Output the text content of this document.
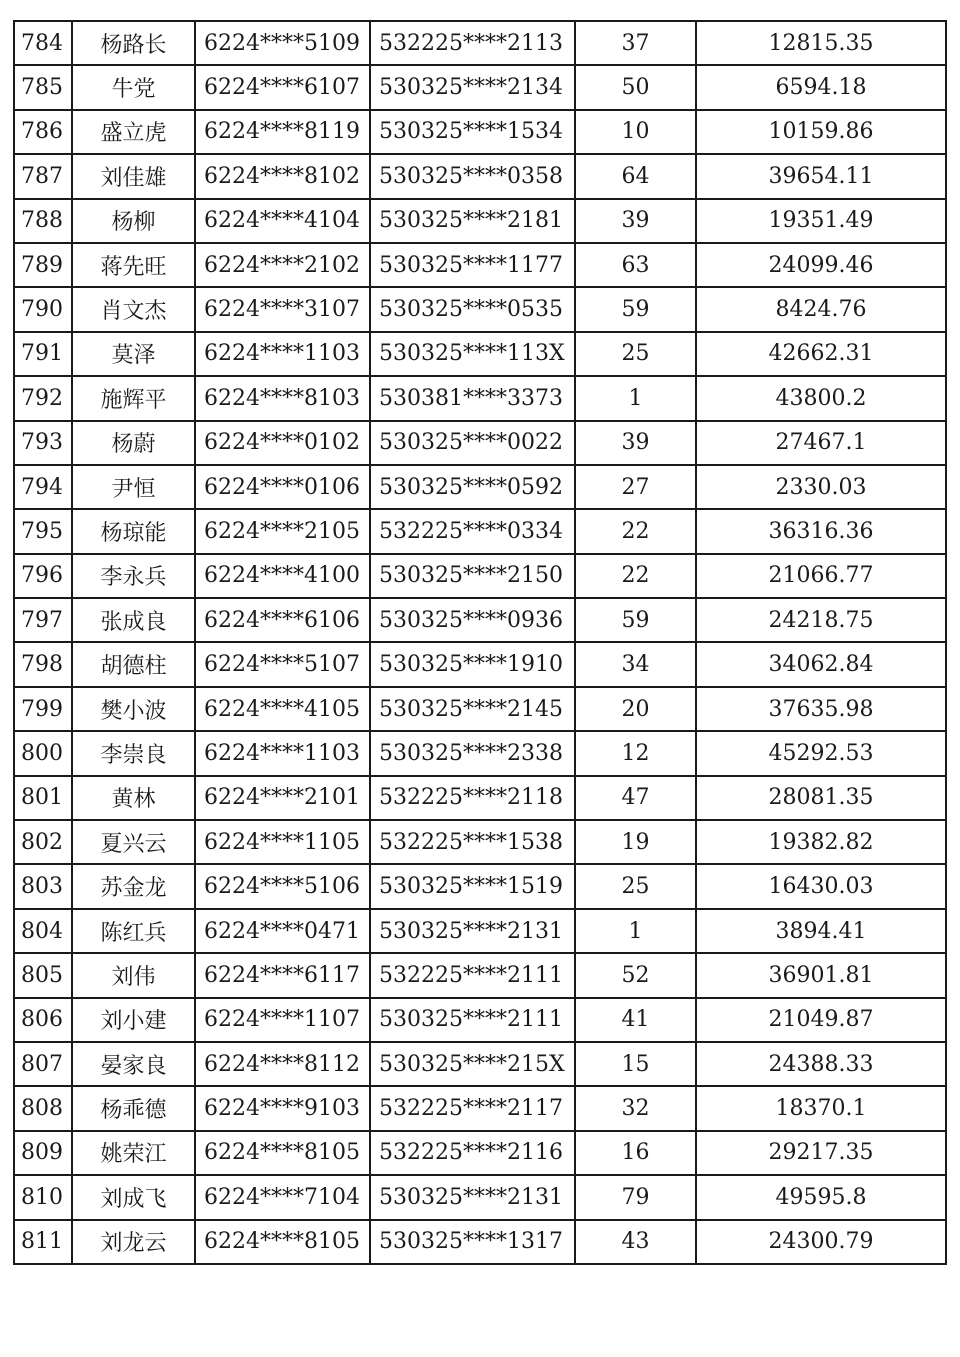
784	杨路长	6224****5109	532225****2113	37	12815.35
785	牛党	6224****6107	530325****2134	50	6594.18
786	盛立虎	6224****8119	530325****1534	10	10159.86
787	刘佳雄	6224****8102	530325****0358	64	39654.11
788	杨柳	6224****4104	530325****2181	39	19351.49
789	蒋先旺	6224****2102	530325****1177	63	24099.46
790	肖文杰	6224****3107	530325****0535	59	8424.76
791	莫泽	6224****1103	530325****113X	25	42662.31
792	施辉平	6224****8103	530381****3373	1	43800.2
793	杨蔚	6224****0102	530325****0022	39	27467.1
794	尹恒	6224****0106	530325****0592	27	2330.03
795	杨琼能	6224****2105	532225****0334	22	36316.36
796	李永兵	6224****4100	530325****2150	22	21066.77
797	张成良	6224****6106	530325****0936	59	24218.75
798	胡德柱	6224****5107	530325****1910	34	34062.84
799	樊小波	6224****4105	530325****2145	20	37635.98
800	李崇良	6224****1103	530325****2338	12	45292.53
801	黄林	6224****2101	532225****2118	47	28081.35
802	夏兴云	6224****1105	532225****1538	19	19382.82
803	苏金龙	6224****5106	530325****1519	25	16430.03
804	陈红兵	6224****0471	530325****2131	1	3894.41
805	刘伟	6224****6117	532225****2111	52	36901.81
806	刘小建	6224****1107	530325****2111	41	21049.87
807	晏家良	6224****8112	530325****215X	15	24388.33
808	杨乖德	6224****9103	532225****2117	32	18370.1
809	姚荣江	6224****8105	532225****2116	16	29217.35
810	刘成飞	6224****7104	530325****2131	79	49595.8
811	刘龙云	6224****8105	530325****1317	43	24300.79
